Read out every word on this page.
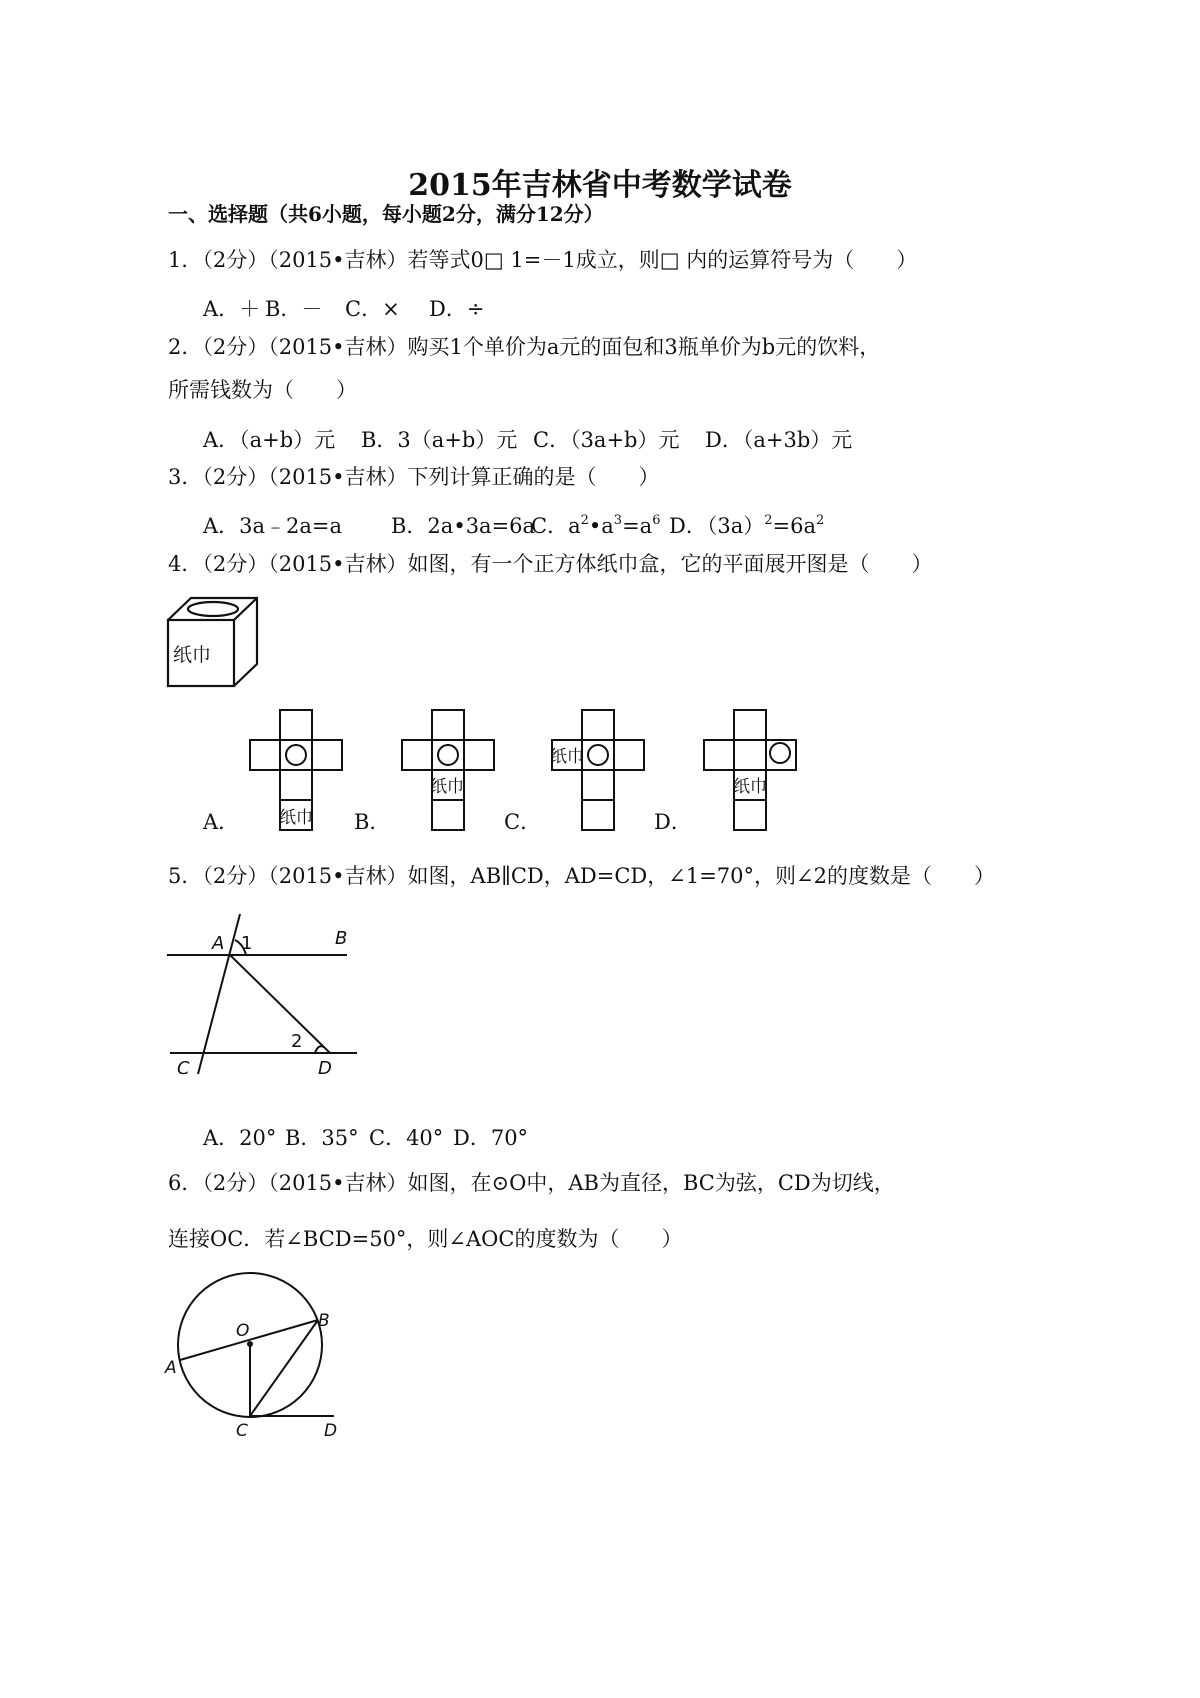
2015年吉林省中考数学试卷
一、选择题（共6小题，每小题2分，满分12分）
1．（2分）（2015•吉林）若等式0□ 1=－1成立，则□ 内的运算符号为（　　）
A．＋ B．－ C．× D．÷
2．（2分）（2015•吉林）购买1个单价为a元的面包和3瓶单价为b元的饮料，
所需钱数为（　　）
A．（a+b）元 B．3（a+b）元 C．（3a+b）元 D．（a+3b）元
3．（2分）（2015•吉林）下列计算正确的是（　　）
A．3a﹣2a=a B．2a•3a=6aC．$a^2•a^3=a^6$ D．$(3a)^2=6a^2$
4．（2分）（2015•吉林）如图，有一个正方体纸巾盒，它的平面展开图是（　　）
纸巾
纸巾
纸巾
纸巾
纸巾
A．	B．	C．	D．
5．（2分）（2015•吉林）如图，AB∥CD，AD=CD，∠1=70°，则∠2的度数是（　　）
A 1	B
2
C	D
A．20° B．35° C．40° D．70°
6．（2分）（2015•吉林）如图，在⊙O中，AB为直径，BC为弦，CD为切线，
连接OC．若∠BCD=50°，则∠AOC的度数为（　　）
O
A
B
C	D
